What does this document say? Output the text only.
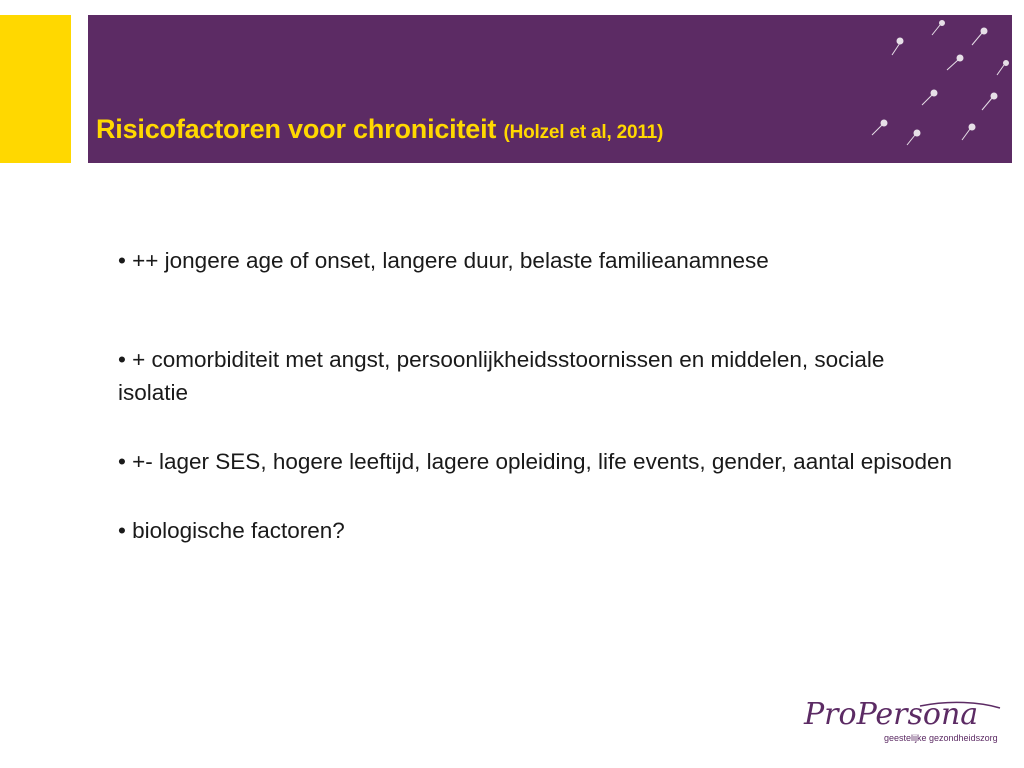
Risicofactoren voor chroniciteit (Holzel et al, 2011)

• ++ jongere age of onset, langere duur, belaste familieanamnese

• + comorbiditeit met angst, persoonlijkheidsstoornissen en middelen, sociale isolatie

• +- lager SES, hogere leeftijd, lagere opleiding, life events, gender, aantal episoden

• biologische factoren?

ProPersona
geestelijke gezondheidszorg
